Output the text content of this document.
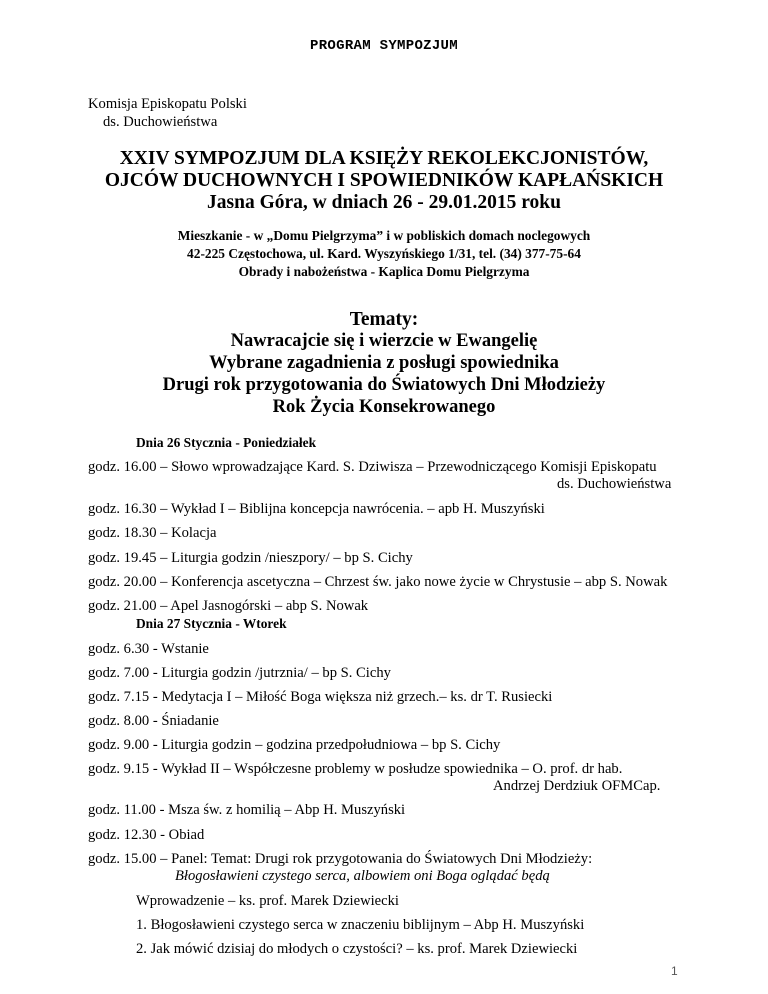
PROGRAM SYMPOZJUM
Komisja Episkopatu Polski
ds. Duchowieństwa
XXIV SYMPOZJUM DLA KSIĘŻY REKOLEKCJONISTÓW,
OJCÓW DUCHOWNYCH I SPOWIEDNIKÓW KAPŁAŃSKICH
Jasna Góra, w dniach 26 - 29.01.2015 roku
Mieszkanie - w „Domu Pielgrzyma” i w pobliskich domach noclegowych
42-225 Częstochowa, ul. Kard. Wyszyńskiego 1/31, tel. (34) 377-75-64
Obrady i nabożeństwa - Kaplica Domu Pielgrzyma
Tematy:
Nawracajcie się i wierzcie w Ewangelię
Wybrane zagadnienia z posługi spowiednika
Drugi rok przygotowania do Światowych Dni Młodzieży
Rok Życia Konsekrowanego
Dnia 26 Stycznia - Poniedziałek
godz. 16.00 – Słowo wprowadzające Kard. S. Dziwisza – Przewodniczącego Komisji Episkopatu
ds. Duchowieństwa
godz. 16.30 – Wykład I – Biblijna koncepcja nawrócenia. – apb H. Muszyński
godz. 18.30 – Kolacja
godz. 19.45 – Liturgia godzin /nieszpory/ – bp S. Cichy
godz. 20.00 – Konferencja ascetyczna – Chrzest św. jako nowe życie w Chrystusie – abp S. Nowak
godz. 21.00 – Apel Jasnogórski – abp S. Nowak
Dnia 27 Stycznia - Wtorek
godz. 6.30 - Wstanie
godz. 7.00 - Liturgia godzin /jutrznia/ – bp S. Cichy
godz. 7.15 - Medytacja I – Miłość Boga większa niż grzech.– ks. dr T. Rusiecki
godz. 8.00 - Śniadanie
godz. 9.00 - Liturgia godzin – godzina przedpołudniowa – bp S. Cichy
godz. 9.15 - Wykład II – Współczesne problemy w posłudze spowiednika – O. prof. dr hab.
Andrzej Derdziuk OFMCap.
godz. 11.00 - Msza św. z homilią – Abp H. Muszyński
godz. 12.30 - Obiad
godz. 15.00 – Panel: Temat: Drugi rok przygotowania do Światowych Dni Młodzieży:
Błogosławieni czystego serca, albowiem oni Boga oglądać będą
Wprowadzenie – ks. prof. Marek Dziewiecki
1. Błogosławieni czystego serca w znaczeniu biblijnym – Abp H. Muszyński
2. Jak mówić dzisiaj do młodych o czystości? – ks. prof. Marek Dziewiecki
1
